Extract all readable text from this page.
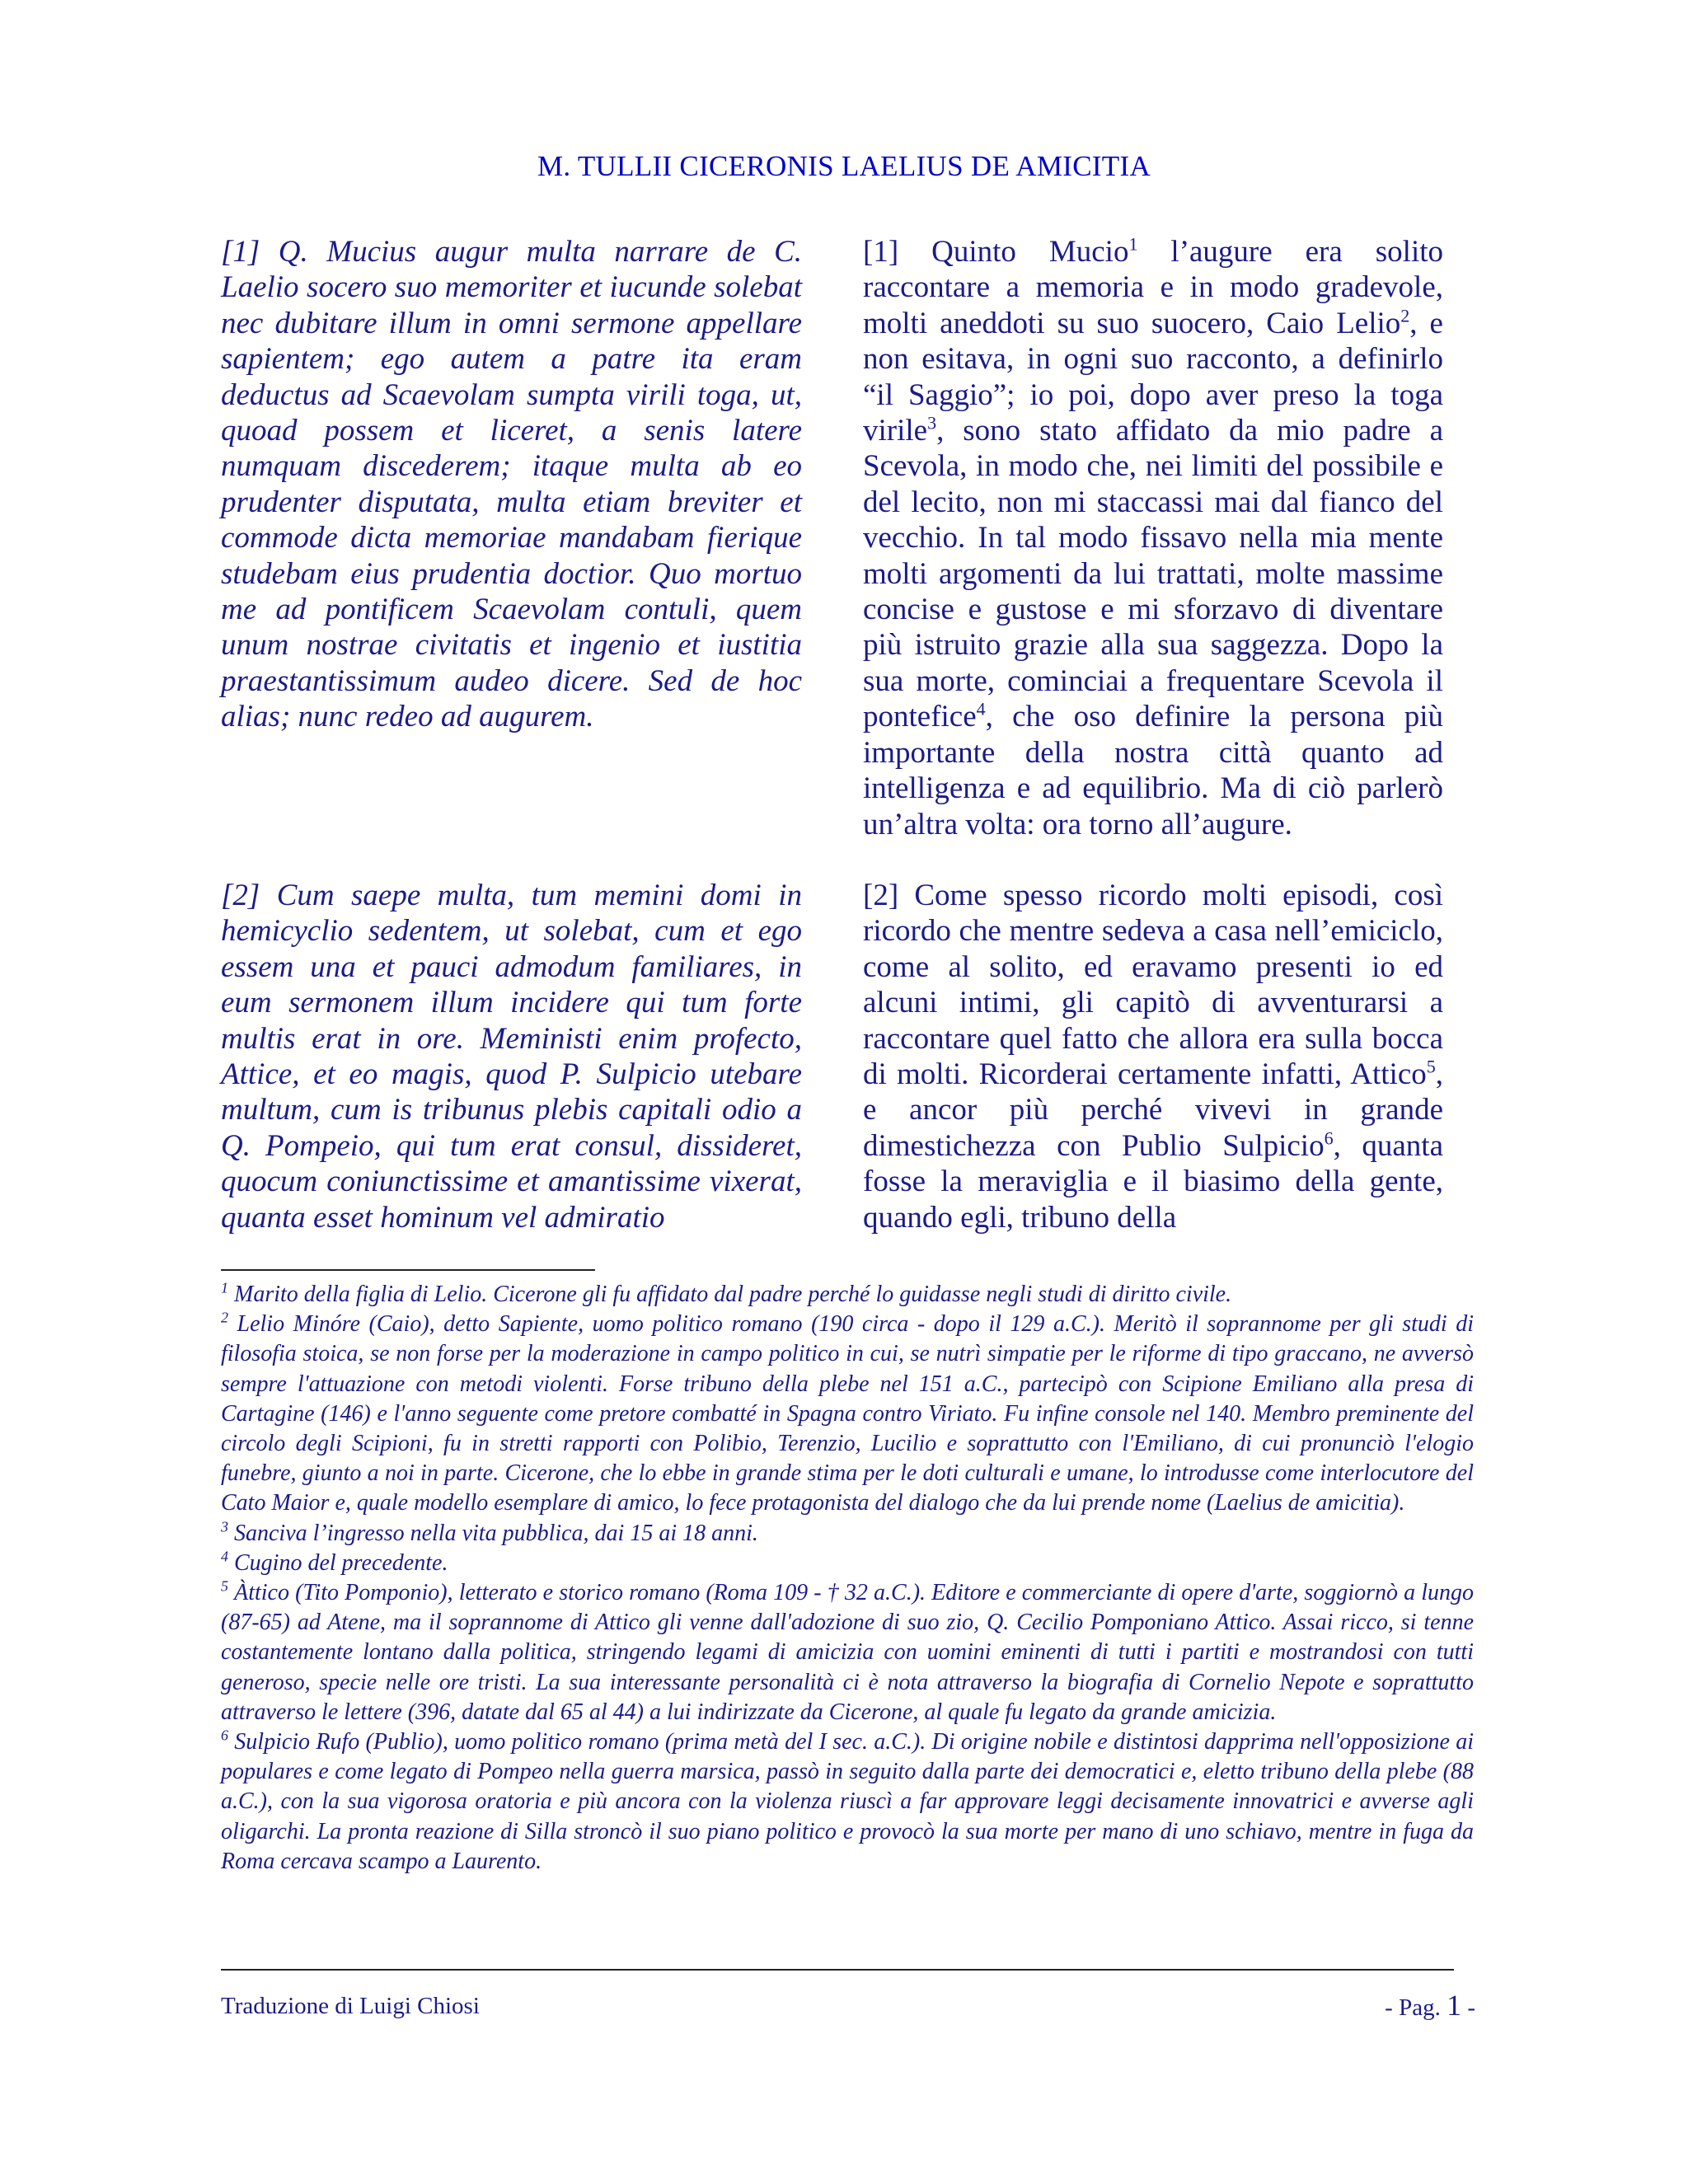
M. TULLII CICERONIS LAELIUS DE AMICITIA

[1] Q. Mucius augur multa narrare de C. Laelio socero suo memoriter et iucunde solebat nec dubitare illum in omni sermone appellare sapientem; ego autem a patre ita eram deductus ad Scaevolam sumpta virili toga, ut, quoad possem et liceret, a senis latere numquam discederem; itaque multa ab eo prudenter disputata, multa etiam breviter et commode dicta memoriae mandabam fierique studebam eius prudentia doctior. Quo mortuo me ad pontificem Scaevolam contuli, quem unum nostrae civitatis et ingenio et iustitia praestantissimum audeo dicere. Sed de hoc alias; nunc redeo ad augurem.

[2] Cum saepe multa, tum memini domi in hemicyclio sedentem, ut solebat, cum et ego essem una et pauci admodum familiares, in eum sermonem illum incidere qui tum forte multis erat in ore. Meministi enim profecto, Attice, et eo magis, quod P. Sulpicio utebare multum, cum is tribunus plebis capitali odio a Q. Pompeio, qui tum erat consul, dissideret, quocum coniunctissime et amantissime vixerat, quanta esset hominum vel admiratio

[1] Quinto Mucio$^1$ l’augure era solito raccontare a memoria e in modo gradevole, molti aneddoti su suo suocero, Caio Lelio$^2$, e non esitava, in ogni suo racconto, a definirlo “il Saggio”; io poi, dopo aver preso la toga virile$^3$, sono stato affidato da mio padre a Scevola, in modo che, nei limiti del possibile e del lecito, non mi staccassi mai dal fianco del vecchio. In tal modo fissavo nella mia mente molti argomenti da lui trattati, molte massime concise e gustose e mi sforzavo di diventare più istruito grazie alla sua saggezza. Dopo la sua morte, cominciai a frequentare Scevola il pontefice$^4$, che oso definire la persona più importante della nostra città quanto ad intelligenza e ad equilibrio. Ma di ciò parlerò un’altra volta: ora torno all’augure.

[2] Come spesso ricordo molti episodi, così ricordo che mentre sedeva a casa nell’emiciclo, come al solito, ed eravamo presenti io ed alcuni intimi, gli capitò di avventurarsi a raccontare quel fatto che allora era sulla bocca di molti. Ricorderai certamente infatti, Attico$^5$, e ancor più perché vivevi in grande dimestichezza con Publio Sulpicio$^6$, quanta fosse la meraviglia e il biasimo della gente, quando egli, tribuno della

$^1$ Marito della figlia di Lelio. Cicerone gli fu affidato dal padre perché lo guidasse negli studi di diritto civile.

$^2$ Lelio Minóre (Caio), detto Sapiente, uomo politico romano (190 circa - dopo il 129 a.C.). Meritò il soprannome per gli studi di filosofia stoica, se non forse per la moderazione in campo politico in cui, se nutrì simpatie per le riforme di tipo graccano, ne avversò sempre l'attuazione con metodi violenti. Forse tribuno della plebe nel 151 a.C., partecipò con Scipione Emiliano alla presa di Cartagine (146) e l'anno seguente come pretore combatté in Spagna contro Viriato. Fu infine console nel 140. Membro preminente del circolo degli Scipioni, fu in stretti rapporti con Polibio, Terenzio, Lucilio e soprattutto con l'Emiliano, di cui pronunciò l'elogio funebre, giunto a noi in parte. Cicerone, che lo ebbe in grande stima per le doti culturali e umane, lo introdusse come interlocutore del Cato Maior e, quale modello esemplare di amico, lo fece protagonista del dialogo che da lui prende nome (Laelius de amicitia).

$^3$ Sanciva l’ingresso nella vita pubblica, dai 15 ai 18 anni.

$^4$ Cugino del precedente.

$^5$ Àttico (Tito Pomponio), letterato e storico romano (Roma 109 - † 32 a.C.). Editore e commerciante di opere d'arte, soggiornò a lungo (87-65) ad Atene, ma il soprannome di Attico gli venne dall'adozione di suo zio, Q. Cecilio Pomponiano Attico. Assai ricco, si tenne costantemente lontano dalla politica, stringendo legami di amicizia con uomini eminenti di tutti i partiti e mostrandosi con tutti generoso, specie nelle ore tristi. La sua interessante personalità ci è nota attraverso la biografia di Cornelio Nepote e soprattutto attraverso le lettere (396, datate dal 65 al 44) a lui indirizzate da Cicerone, al quale fu legato da grande amicizia.

$^6$ Sulpicio Rufo (Publio), uomo politico romano (prima metà del I sec. a.C.). Di origine nobile e distintosi dapprima nell'opposizione ai populares e come legato di Pompeo nella guerra marsica, passò in seguito dalla parte dei democratici e, eletto tribuno della plebe (88 a.C.), con la sua vigorosa oratoria e più ancora con la violenza riuscì a far approvare leggi decisamente innovatrici e avverse agli oligarchi. La pronta reazione di Silla stroncò il suo piano politico e provocò la sua morte per mano di uno schiavo, mentre in fuga da Roma cercava scampo a Laurento.

Traduzione di Luigi Chiosi	- Pag. 1 -
